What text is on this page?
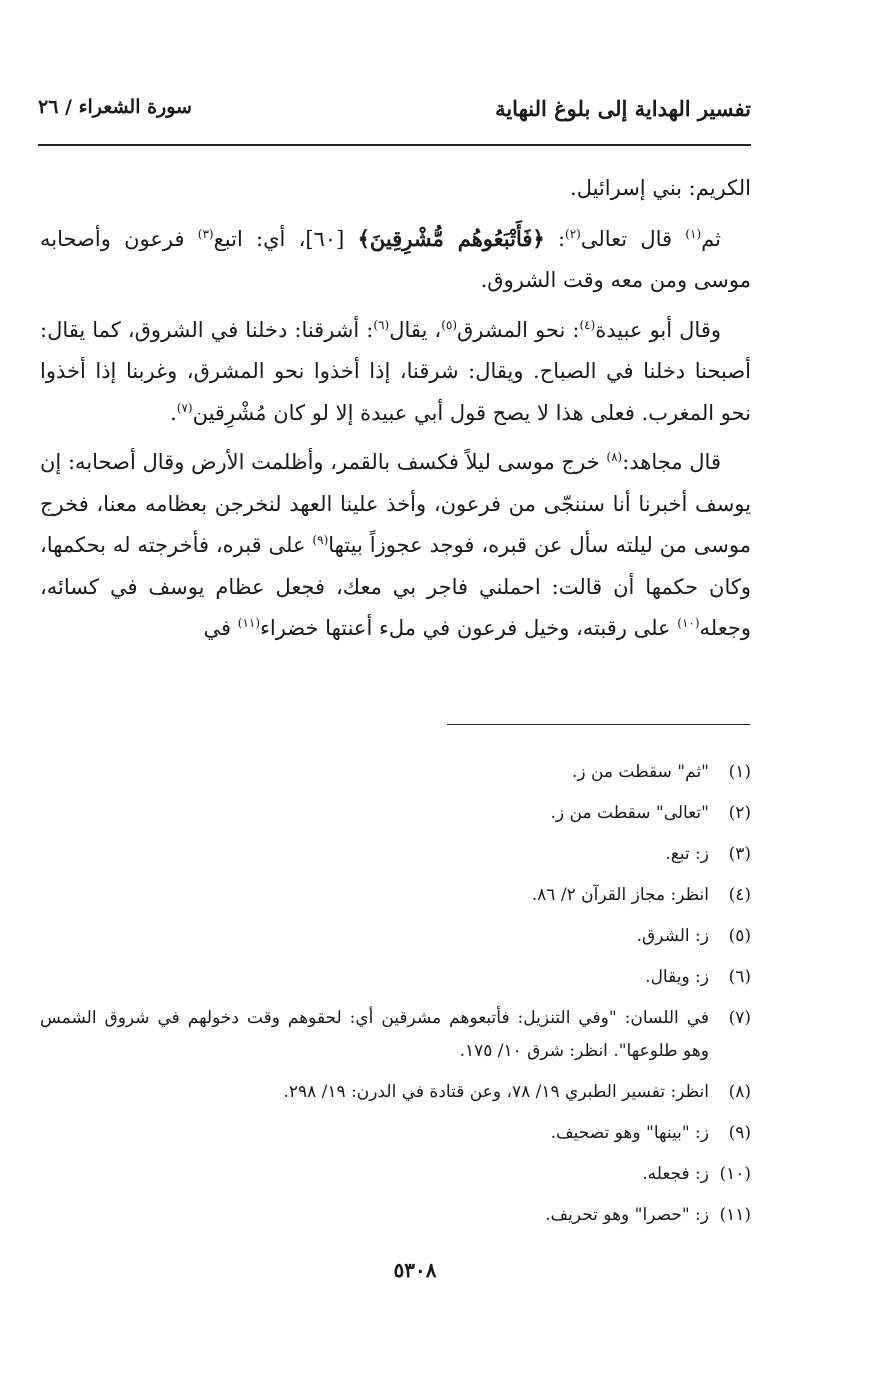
تفسير الهداية إلى بلوغ النهاية
سورة الشعراء / ٢٦

الكريم: بني إسرائيل.

ثم$^{(١)}$ قال تعالى$^{(٢)}$: ﴿فَأَتْبَعُوهُم مُّشْرِقِينَ﴾ [٦٠]، أي: اتبع$^{(٣)}$ فرعون وأصحابه موسى ومن معه وقت الشروق.

وقال أبو عبيدة$^{(٤)}$: نحو المشرق$^{(٥)}$، يقال$^{(٦)}$: أشرقنا: دخلنا في الشروق، كما يقال: أصبحنا دخلنا في الصباح. ويقال: شرقنا، إذا أخذوا نحو المشرق، وغربنا إذا أخذوا نحو المغرب. فعلى هذا لا يصح قول أبي عبيدة إلا لو كان مُشْرِقين$^{(٧)}$.

قال مجاهد:$^{(٨)}$ خرج موسى ليلاً فكسف بالقمر، وأظلمت الأرض وقال أصحابه: إن يوسف أخبرنا أنا سننجّى من فرعون، وأخذ علينا العهد لنخرجن بعظامه معنا، فخرج موسى من ليلته سأل عن قبره، فوجد عجوزاً بيتها$^{(٩)}$ على قبره، فأخرجته له بحكمها، وكان حكمها أن قالت: احملني فاجر بي معك، فجعل عظام يوسف في كسائه، وجعله$^{(١٠)}$ على رقبته، وخيل فرعون في ملء أعنتها خضراء$^{(١١)}$ في

(١)
"ثم" سقطت من ز.
(٢)
"تعالى" سقطت من ز.
(٣)
ز: تبع.
(٤)
انظر: مجاز القرآن ٢/ ٨٦.
(٥)
ز: الشرق.
(٦)
ز: ويقال.
(٧)
في اللسان: "وفي التنزيل: فأتبعوهم مشرقين أي: لحقوهم وقت دخولهم في شروق الشمس وهو طلوعها". انظر: شرق ١٠/ ١٧٥.
(٨)
انظر: تفسير الطبري ١٩/ ٧٨، وعن قتادة في الدرن: ١٩/ ٢٩٨.
(٩)
ز: "بينها" وهو تصحيف.
(١٠)
ز: فجعله.
(١١)
ز: "حصرا" وهو تحريف.
٥٣٠٨
